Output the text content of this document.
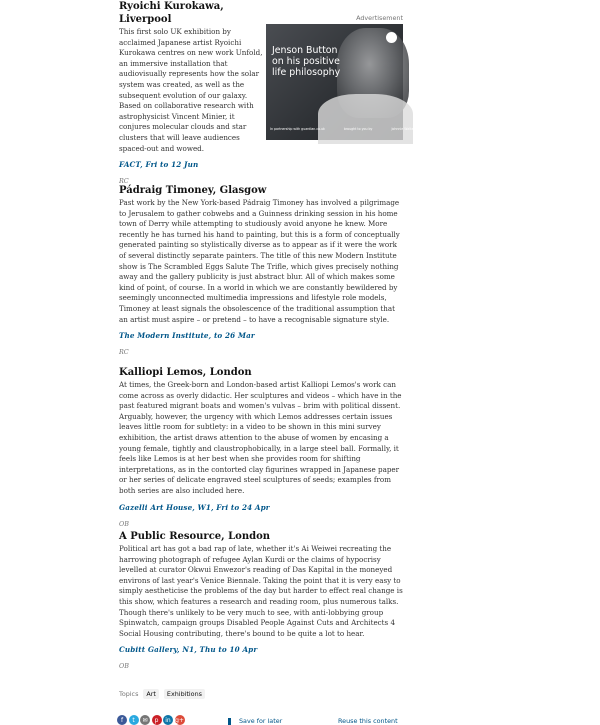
Advertisement
Jenson Button on his positive life philosophy
In partnership with guardian.co.uk	brought to you by	Johnnie Walker
Ryoichi Kurokawa, Liverpool

This first solo UK exhibition by acclaimed Japanese artist Ryoichi Kurokawa centres on new work Unfold, an immersive installation that audiovisually represents how the solar system was created, as well as the subsequent evolution of our galaxy. Based on collaborative research with astrophysicist Vincent Minier, it conjures molecular clouds and star clusters that will leave audiences spaced-out and wowed.

FACT, Fri to 12 Jun

RC

Pádraig Timoney, Glasgow

Past work by the New York-based Pádraig Timoney has involved a pilgrimage to Jerusalem to gather cobwebs and a Guinness drinking session in his home town of Derry while attempting to studiously avoid anyone he knew. More recently he has turned his hand to painting, but this is a form of conceptually generated painting so stylistically diverse as to appear as if it were the work of several distinctly separate painters. The title of this new Modern Institute show is The Scrambled Eggs Salute The Trifle, which gives precisely nothing away and the gallery publicity is just abstract blur. All of which makes some kind of point, of course. In a world in which we are constantly bewildered by seemingly unconnected multimedia impressions and lifestyle role models, Timoney at least signals the obsolescence of the traditional assumption that an artist must aspire – or pretend – to have a recognisable signature style.

The Modern Institute, to 26 Mar

RC

Kalliopi Lemos, London

At times, the Greek-born and London-based artist Kalliopi Lemos's work can come across as overly didactic. Her sculptures and videos – which have in the past featured migrant boats and women's vulvas – brim with political dissent. Arguably, however, the urgency with which Lemos addresses certain issues leaves little room for subtlety: in a video to be shown in this mini survey exhibition, the artist draws attention to the abuse of women by encasing a young female, tightly and claustrophobically, in a large steel ball. Formally, it feels like Lemos is at her best when she provides room for shifting interpretations, as in the contorted clay figurines wrapped in Japanese paper or her series of delicate engraved steel sculptures of seeds; examples from both series are also included here.

Gazelli Art House, W1, Fri to 24 Apr

OB

A Public Resource, London

Political art has got a bad rap of late, whether it's Ai Weiwei recreating the harrowing photograph of refugee Aylan Kurdi or the claims of hypocrisy levelled at curator Okwui Enwezor's reading of Das Kapital in the moneyed environs of last year's Venice Biennale. Taking the point that it is very easy to simply aestheticise the problems of the day but harder to effect real change is this show, which features a research and reading room, plus numerous talks. Though there's unlikely to be very much to see, with anti-lobbying group Spinwatch, campaign groups Disabled People Against Cuts and Architects 4 Social Housing contributing, there's bound to be quite a lot to hear.

Cubitt Gallery, N1, Thu to 10 Apr

OB

Topics	Art	Exhibitions
f	t	✉	p	in g+	Save for later	Reuse this content
